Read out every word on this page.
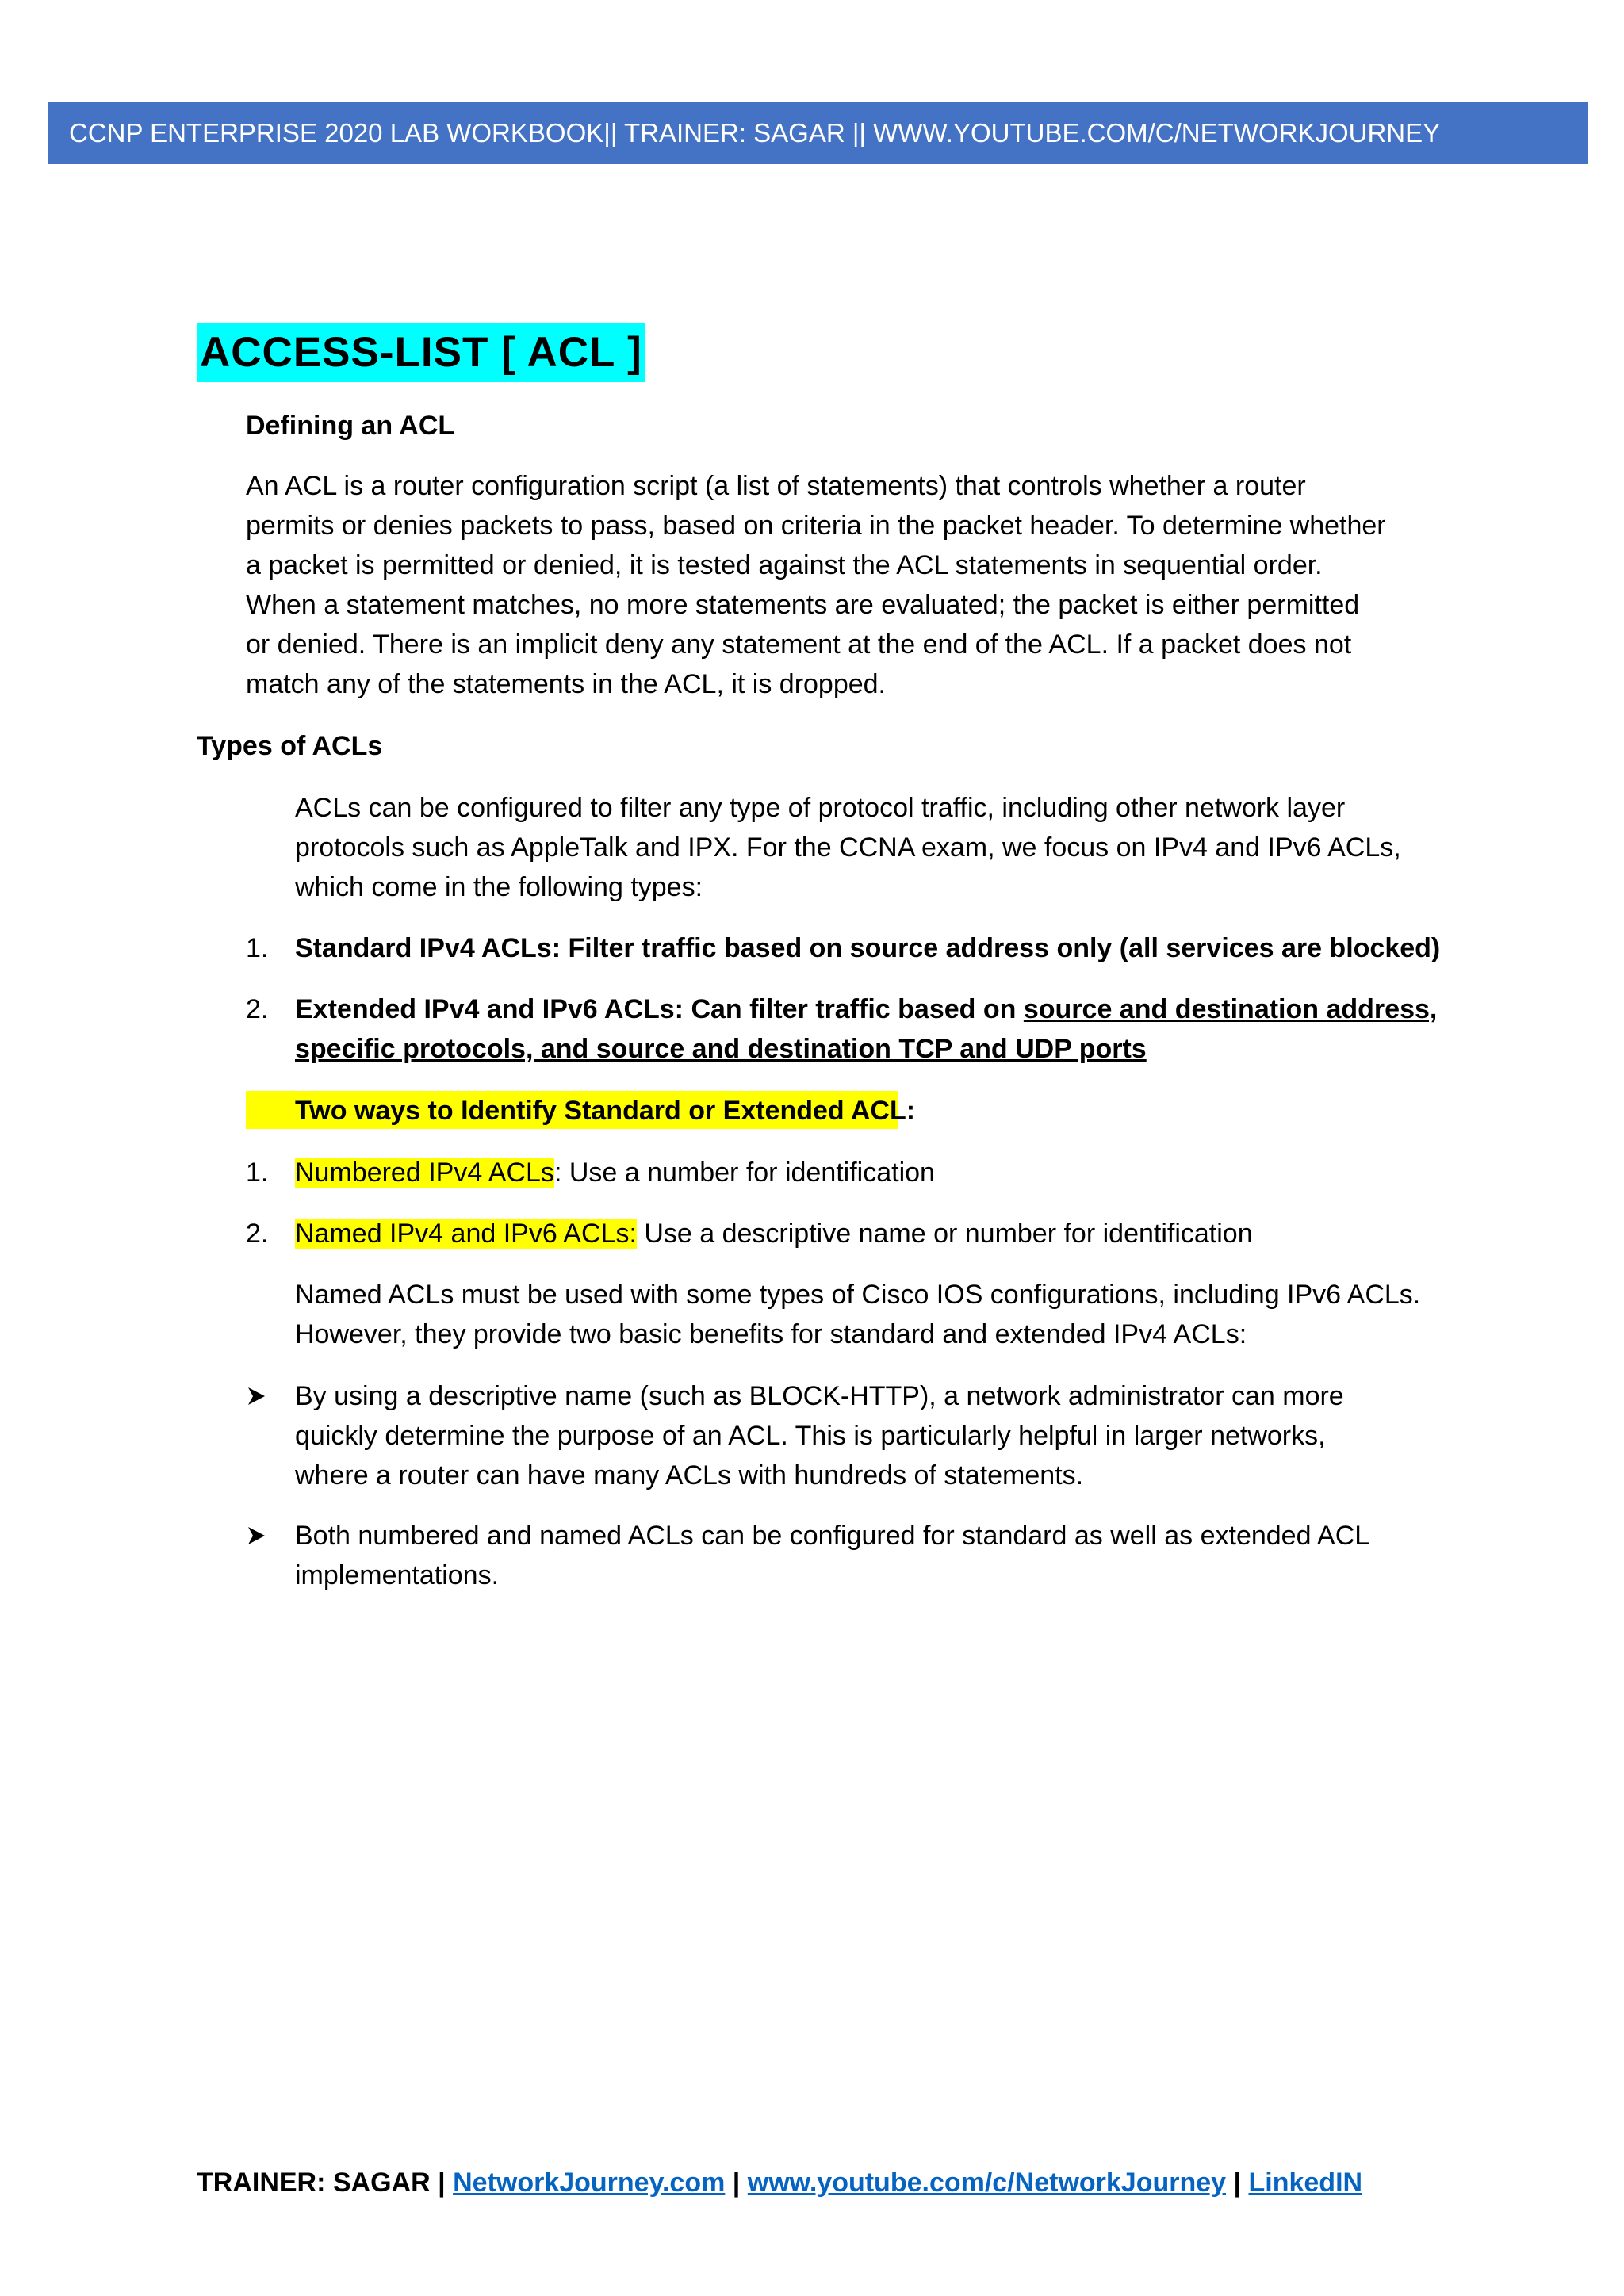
CCNP ENTERPRISE 2020 LAB WORKBOOK|| TRAINER: SAGAR || WWW.YOUTUBE.COM/C/NETWORKJOURNEY
ACCESS-LIST [ ACL ]
Defining an ACL
An ACL is a router configuration script (a list of statements) that controls whether a router
permits or denies packets to pass, based on criteria in the packet header. To determine whether
a packet is permitted or denied, it is tested against the ACL statements in sequential order.
When a statement matches, no more statements are evaluated; the packet is either permitted
or denied. There is an implicit deny any statement at the end of the ACL. If a packet does not
match any of the statements in the ACL, it is dropped.
Types of ACLs
ACLs can be configured to filter any type of protocol traffic, including other network layer
protocols such as AppleTalk and IPX. For the CCNA exam, we focus on IPv4 and IPv6 ACLs,
which come in the following types:
1. Standard IPv4 ACLs: Filter traffic based on source address only (all services are blocked)
2. Extended IPv4 and IPv6 ACLs: Can filter traffic based on source and destination address,
specific protocols, and source and destination TCP and UDP ports
Two ways to Identify Standard or Extended ACL:
1. Numbered IPv4 ACLs: Use a number for identification
2. Named IPv4 and IPv6 ACLs: Use a descriptive name or number for identification
Named ACLs must be used with some types of Cisco IOS configurations, including IPv6 ACLs.
However, they provide two basic benefits for standard and extended IPv4 ACLs:
By using a descriptive name (such as BLOCK-HTTP), a network administrator can more
quickly determine the purpose of an ACL. This is particularly helpful in larger networks,
where a router can have many ACLs with hundreds of statements.
Both numbered and named ACLs can be configured for standard as well as extended ACL
implementations.
TRAINER: SAGAR | NetworkJourney.com | www.youtube.com/c/NetworkJourney | LinkedIN
